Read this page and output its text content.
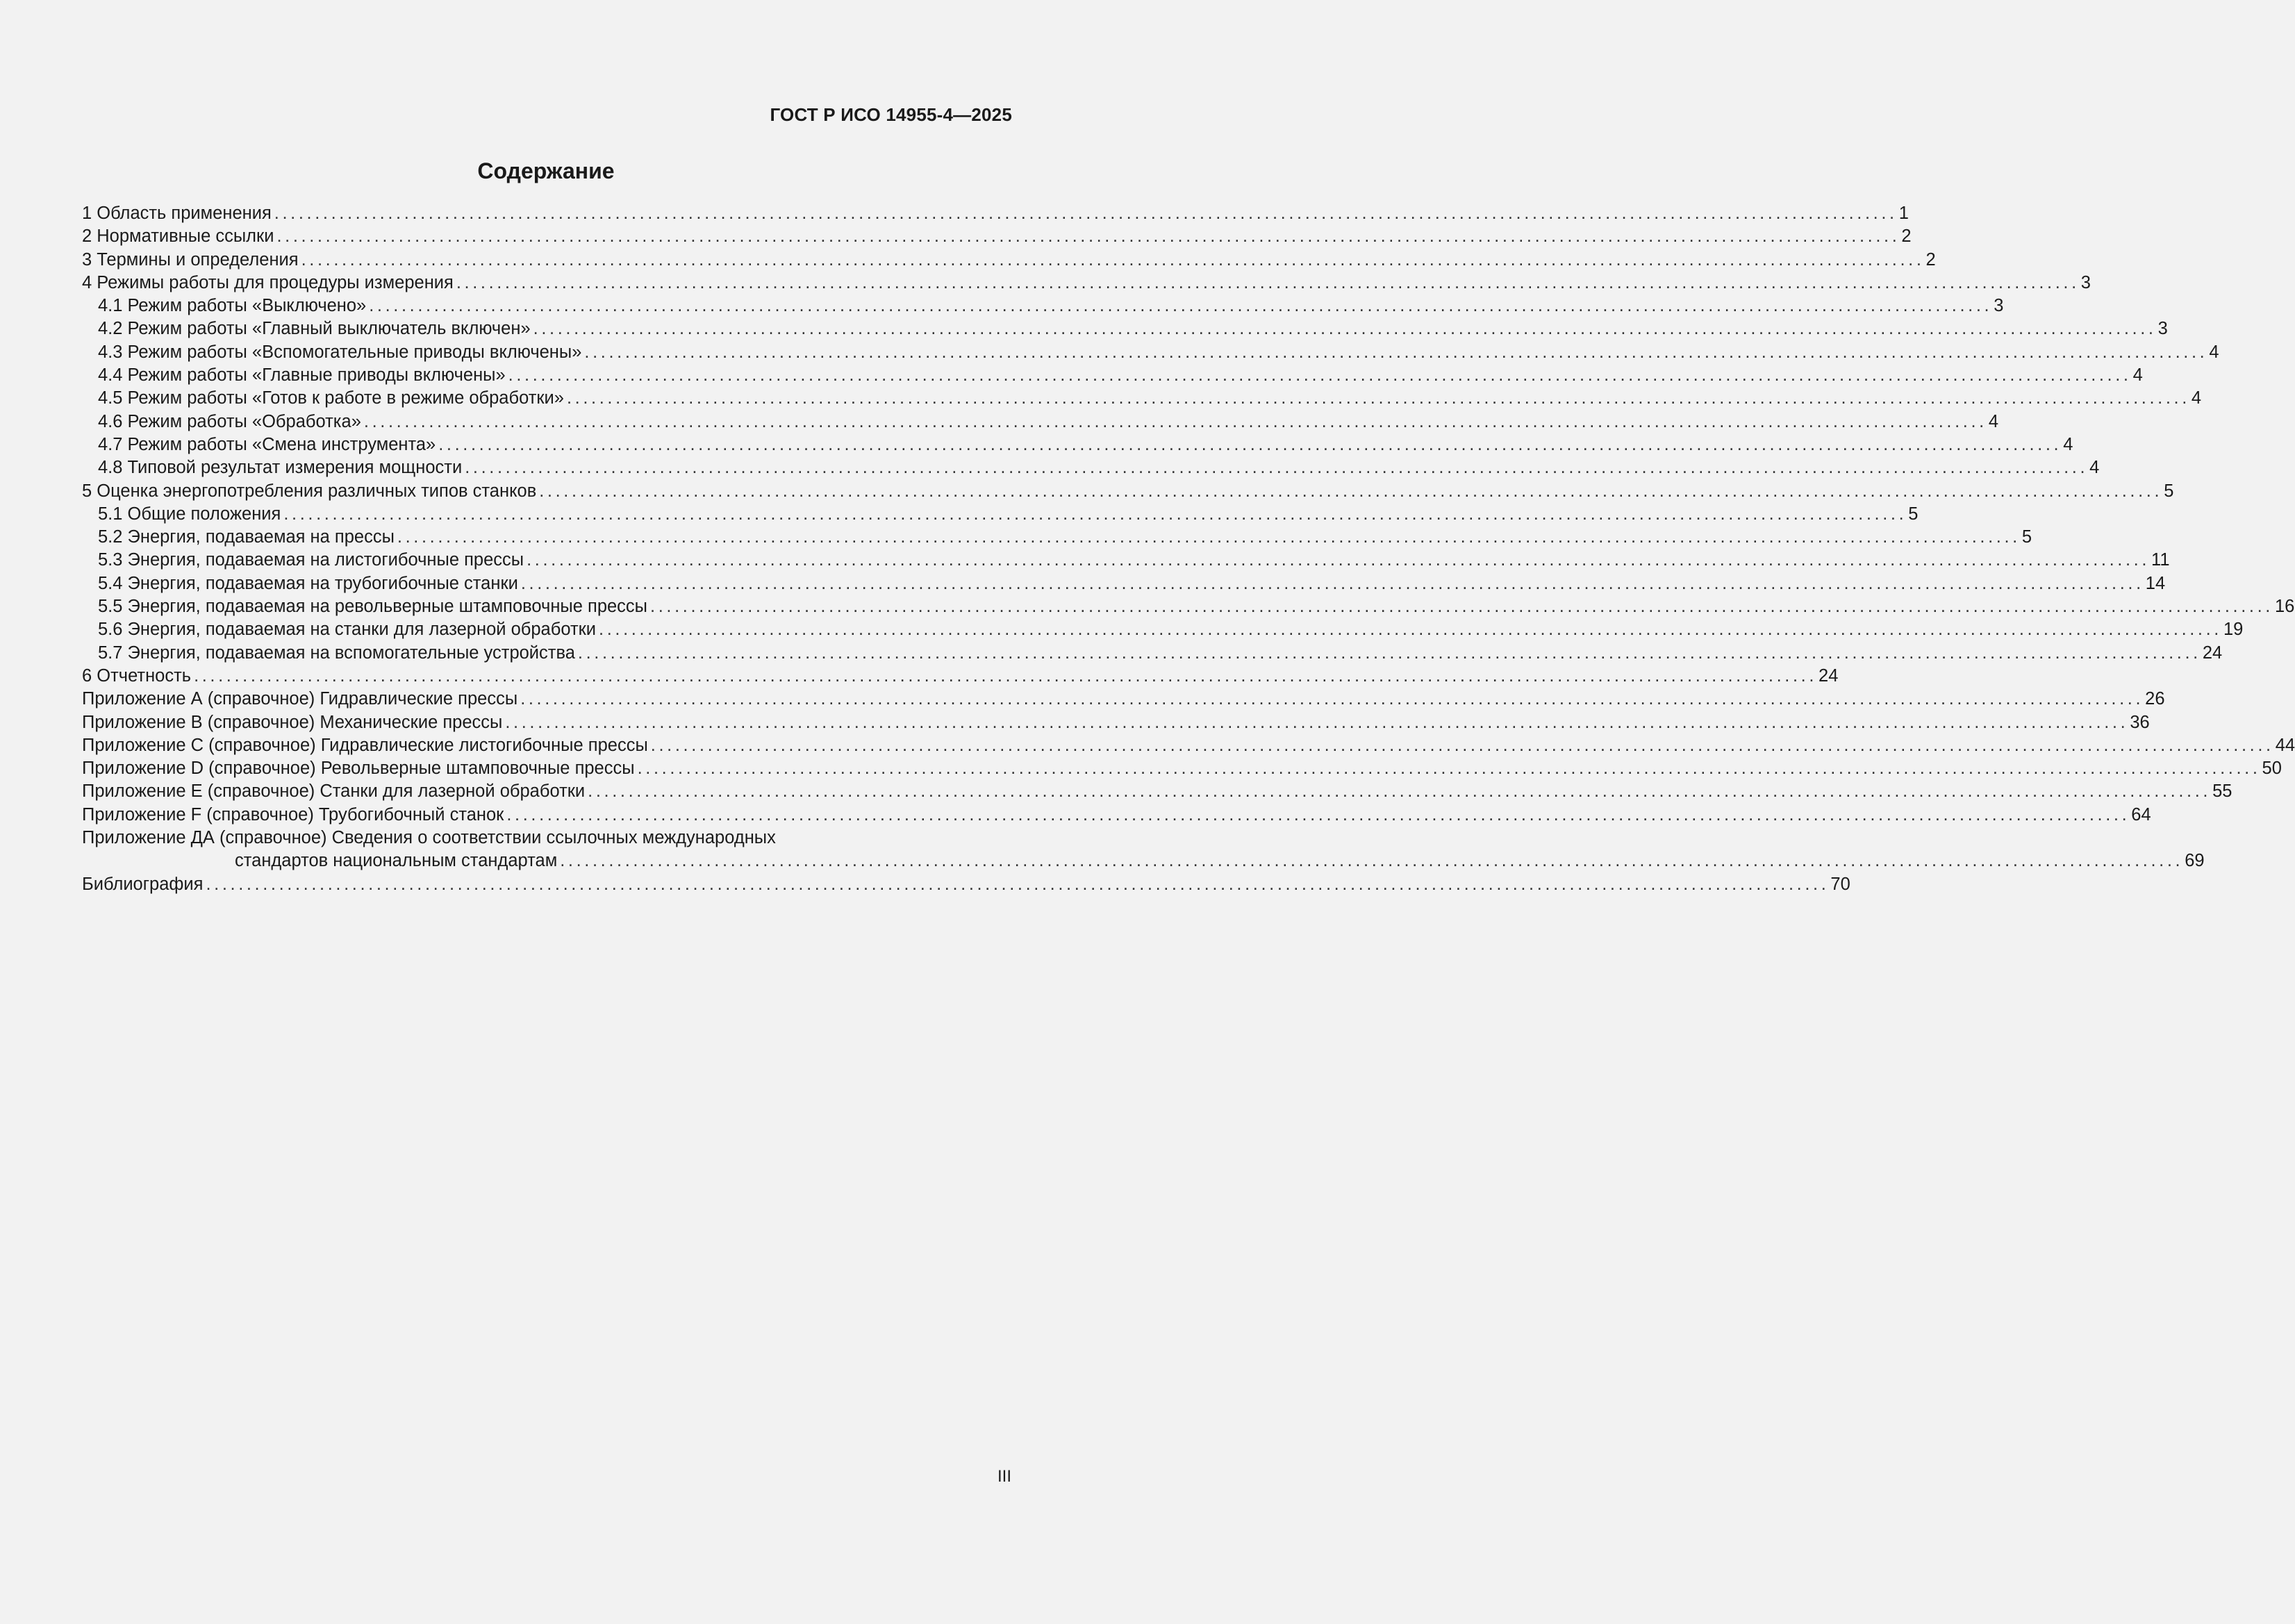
ГОСТ Р ИСО 14955-4—2025
Содержание
1 Область применения ........................................................................................................................................................................................................ 1
2 Нормативные ссылки ........................................................................................................................................................................................................ 2
3 Термины и определения ........................................................................................................................................................................................................ 2
4 Режимы работы для процедуры измерения ........................................................................................................................................................................................................ 3
4.1 Режим работы «Выключено» ........................................................................................................................................................................................................ 3
4.2 Режим работы «Главный выключатель включен» ........................................................................................................................................................................................................ 3
4.3 Режим работы «Вспомогательные приводы включены» ........................................................................................................................................................................................................ 4
4.4 Режим работы «Главные приводы включены» ........................................................................................................................................................................................................ 4
4.5 Режим работы «Готов к работе в режиме обработки» ........................................................................................................................................................................................................ 4
4.6 Режим работы «Обработка» ........................................................................................................................................................................................................ 4
4.7 Режим работы «Смена инструмента» ........................................................................................................................................................................................................ 4
4.8 Типовой результат измерения мощности ........................................................................................................................................................................................................ 4
5 Оценка энергопотребления различных типов станков ........................................................................................................................................................................................................ 5
5.1 Общие положения ........................................................................................................................................................................................................ 5
5.2 Энергия, подаваемая на прессы ........................................................................................................................................................................................................ 5
5.3 Энергия, подаваемая на листогибочные прессы ........................................................................................................................................................................................................ 11
5.4 Энергия, подаваемая на трубогибочные станки ........................................................................................................................................................................................................ 14
5.5 Энергия, подаваемая на револьверные штамповочные прессы ........................................................................................................................................................................................................ 16
5.6 Энергия, подаваемая на станки для лазерной обработки ........................................................................................................................................................................................................ 19
5.7 Энергия, подаваемая на вспомогательные устройства ........................................................................................................................................................................................................ 24
6 Отчетность ........................................................................................................................................................................................................ 24
Приложение А (справочное) Гидравлические прессы ........................................................................................................................................................................................................ 26
Приложение В (справочное) Механические прессы ........................................................................................................................................................................................................ 36
Приложение С (справочное) Гидравлические листогибочные прессы ........................................................................................................................................................................................................ 44
Приложение D (справочное) Револьверные штамповочные прессы ........................................................................................................................................................................................................ 50
Приложение Е (справочное) Станки для лазерной обработки ........................................................................................................................................................................................................ 55
Приложение F (справочное) Трубогибочный станок ........................................................................................................................................................................................................ 64
Приложение ДА (справочное) Сведения о соответствии ссылочных международных
стандартов национальным стандартам ........................................................................................................................................................................................................ 69
Библиография ........................................................................................................................................................................................................ 70
III
